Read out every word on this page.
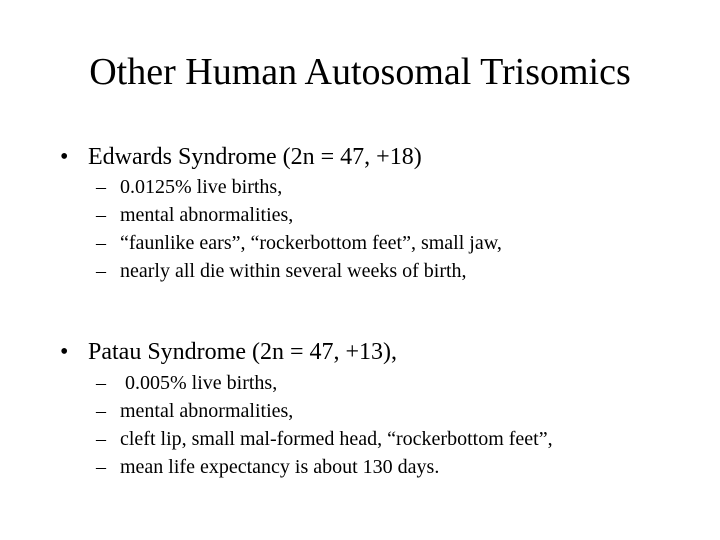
Other Human Autosomal Trisomics
• Edwards Syndrome (2n = 47, +18)
– 0.0125% live births,
– mental abnormalities,
– “faunlike ears”, “rockerbottom feet”, small jaw,
– nearly all die within several weeks of birth,
• Patau Syndrome (2n = 47, +13),
– 0.005% live births,
– mental abnormalities,
– cleft lip, small mal-formed head, “rockerbottom feet”,
– mean life expectancy is about 130 days.
